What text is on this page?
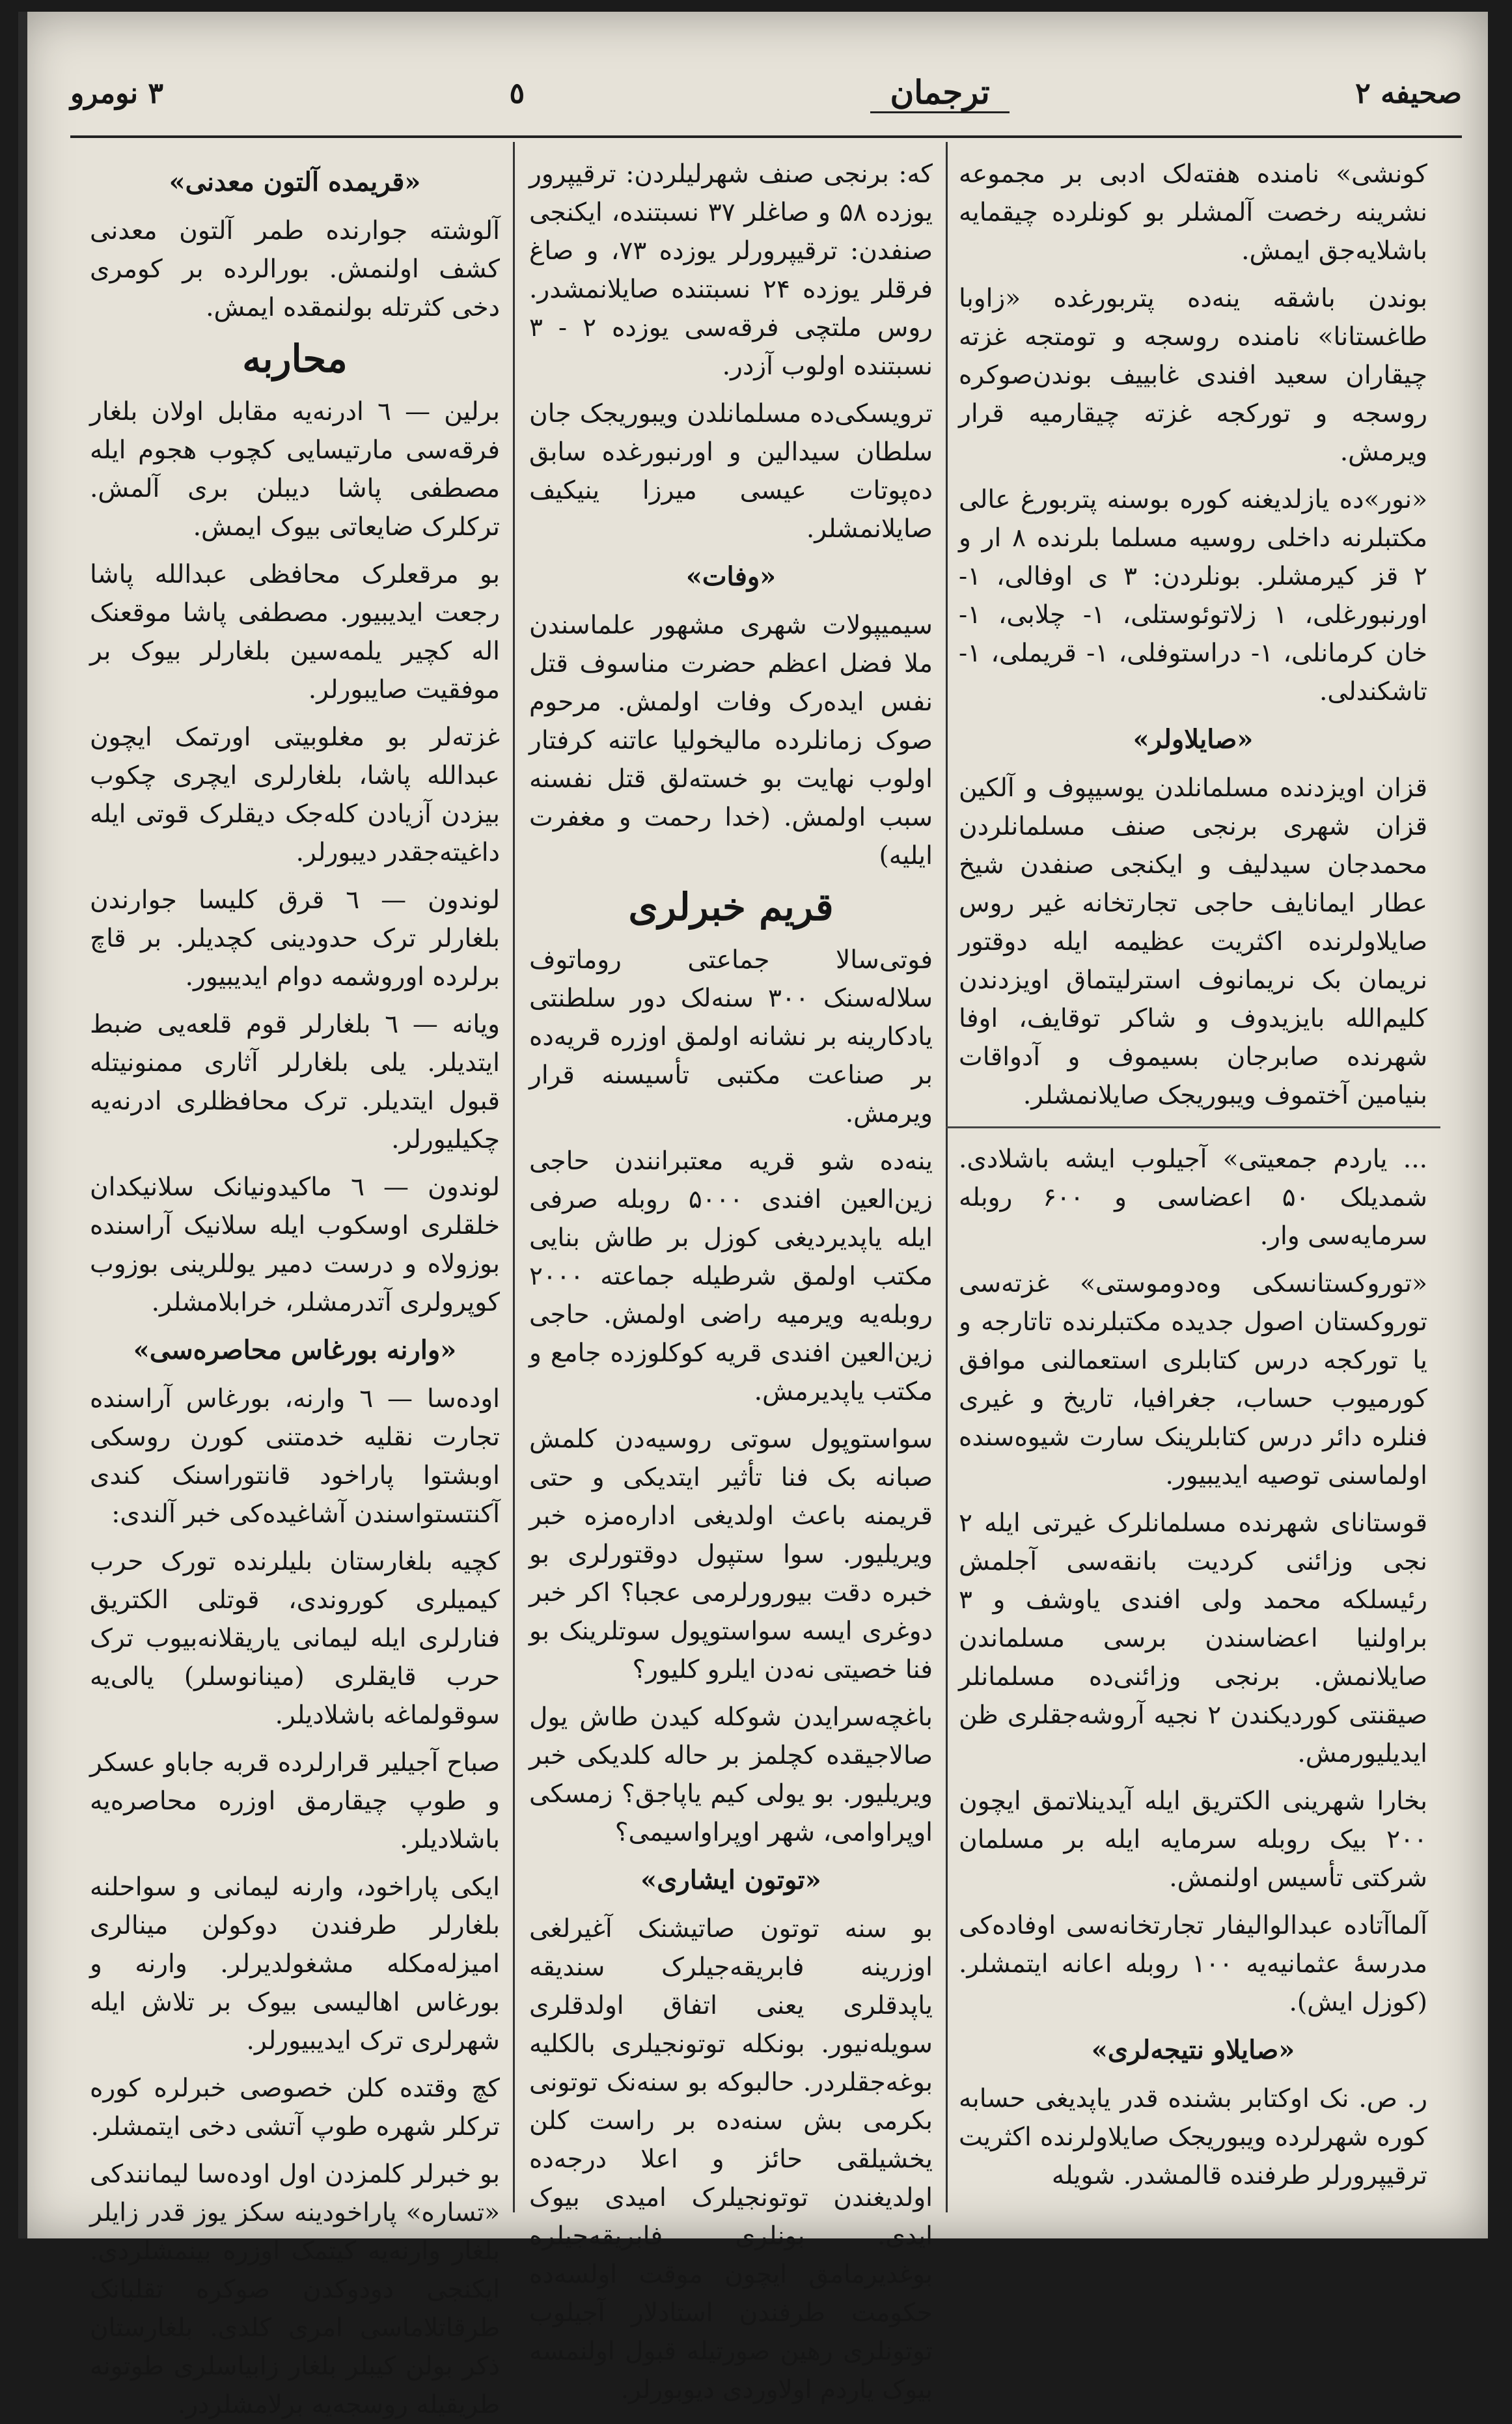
صحیفه ۲
ترجمان
٥
۳ نومرو

کونشی» نامنده هفته‌لک ادبی بر مجموعه نشرینه رخصت آلمشلر بو کونلرده چیقمایه باشلایه‌جق ایمش.

بوندن باشقه ینه‌ده پتربورغده «زاوبا طاغستانا» نامنده روسجه و تومتجه غزته چیقاران سعید افندی غابییف بوندن‌صوکره روسجه و تورکجه غزته چیقارمیه قرار ویرمش.

«نور»ده یازلدیغنه کوره بوسنه پتربورغ عالی مکتبلرنه داخلی روسیه مسلما بلرنده ۸ ار و ۲ قز کیرمشلر. بونلردن: ۳ ی اوفالی، ۱- اورنبورغلی، ۱ زلاتوئوستلی، ۱- چلابی، ۱- خان کرمانلی، ۱- دراستوفلی، ۱- قریملی، ۱- تاشکندلی.

«صایلاولر»

قزان اویزدنده مسلمانلدن یوسیپوف و آلکین قزان شهری برنجی صنف مسلمانلردن محمدجان سیدلیف و ایکنجی صنفدن شیخ عطار ایمانایف حاجی تجارتخانه غیر روس صایلاولرنده اکثریت عظیمه ایله دوقتور نریمان بک نریمانوف استرلیتماق اویزدندن کلیم‌الله بایزیدوف و شاکر توقایف، اوفا شهرنده صابرجان بسیموف و آدواقات بنیامین آختموف ویبوریجک صایلانمشلر.

... یاردم جمعیتی» آجیلوب ایشه باشلادی. شمدیلک ۵۰ اعضاسی و ۶۰۰ روبله سرمایه‌سی وار.

«توروکستانسکی وەدوموستی» غزته‌سی توروکستان اصول جدیده مکتبلرنده تاتارجه و یا تورکجه درس کتابلری استعمالنی موافق کورمیوب حساب، جغرافیا، تاریخ و غیری فنلره دائر درس کتابلرینک سارت شیوه‌سنده اولماسنی توصیه ایدیبیور.

قوستانای شهرنده مسلمانلرک غیرتی ایله ۲ نجی وزائنی کردیت بانقه‌سی آجلمش رئیسلکه محمد ولی افندی یاوشف و ۳ براولنیا اعضاسندن برسی مسلماندن صایلانمش. برنجی وزائنی‌ده مسلمانلر صیقنتی کوردیکندن ۲ نجیه آروشه‌جقلری ظن ایدیلیورمش.

بخارا شهرینی الکتریق ایله آیدینلاتمق ایچون ۲۰۰ بیک روبله سرمایه ایله بر مسلمان شرکتی تأسیس اولنمش.

آلماآتاده عبدالوالیفار تجارتخانه‌سی اوفاده‌کی مدرسهٔ عثمانیه‌یه ۱۰۰ روبله اعانه ایتمشلر. (کوزل ایش).

«صایلاو نتیجه‌لری»

ر. ص. نک اوکتابر بشنده قدر یاپدیغی حسابه کوره شهرلرده ویبوریجک صایلاولرنده اکثریت ترقیپرورلر طرفنده قالمشدر. شویله

که: برنجی صنف شهرلیلردن: ترقیپرور یوزده ۵۸ و صاغلر ۳۷ نسبتنده، ایکنجی صنفدن: ترقیپرورلر یوزده ۷۳، و صاغ فرقلر یوزده ۲۴ نسبتنده صایلانمشدر. روس ملتچی فرقه‌سی یوزده ۲ - ۳ نسبتنده اولوب آزدر.

ترویسکی‌ده مسلمانلدن ویبوریجک جان سلطان سیدالین و اورنبورغده سابق دەپوتات عیسی میرزا ینیکیف صایلانمشلر.

«وفات»

سیمیپولات شهری مشهور علماسندن ملا فضل اعظم حضرت مناسوف قتل نفس ایده‌رک وفات اولمش. مرحوم صوک زمانلرده مالیخولیا عاتنه کرفتار اولوب نهایت بو خسته‌لق قتل نفسنه سبب اولمش. (خدا رحمت و مغفرت ایلیه)

قریم خبرلری

فوتی‌سالا جماعتی روماتوف سلاله‌سنک ۳۰۰ سنه‌لک دور سلطنتی یادکارینه بر نشانه اولمق اوزره قریه‌ده بر صناعت مکتبی تأسیسنه قرار ویرمش.

ینه‌ده شو قریه معتبرانندن حاجی زین‌العین افندی ۵۰۰۰ روبله صرفی ایله یاپدیردیغی کوزل بر طاش بنایی مکتب اولمق شرطیله جماعته ۲۰۰۰ روبله‌یه ویرمیه راضی اولمش. حاجی زین‌العین افندی قریه کوکلوزده جامع و مکتب یاپدیرمش.

سواستوپول سوتی روسیه‌دن کلمش صبانه بک فنا تأثیر ایتدیکی و حتی قریمنه باعث اولدیغی ادارەمزه خبر ویریلیور. سوا ستپول دوقتورلری بو خبره دقت بیورورلرمی عجبا؟ اکر خبر دوغری ایسه سواستوپول سوتلرینک بو فنا خصیتی نه‌دن ایلرو کلیور؟

باغچه‌سرایدن شوکله کیدن طاش یول صالاجیقده کچلمز بر حاله کلدیکی خبر ویریلیور. بو یولی کیم یاپاجق؟ زمسکی اوپراوامی، شهر اوپراواسیمی؟

«توتون ایشاری»

بو سنه توتون صاتیشنک آغیرلغی اوزرینه فابریقه‌جیلرک سندیقه یاپدقلری یعنی اتفاق اولدقلری سویله‌نیور. بونکله توتونجیلری بالکلیه بوغه‌جقلردر. حالبوکه بو سنه‌نک توتونی بکرمی بش سنه‌ده بر راست کلن یخشیلقی حائز و اعلا درجه‌ده اولدیغندن توتونجیلرک امیدی بیوک ایدی. بونلری فابریقه‌جیلره بوغدیرمامق ایچون موقت اولسه‌ده حکومت طرفندن استادلار آجیلوب توتونلری رهین صورتیله قبول اولنمسه بیوک یاردم اولاوردی دیوبورلر.

«قریمده آلتون معدنی»

آلوشته جوارنده طمر آلتون معدنی کشف اولنمش. بورالرده بر کومری دخی کثرتله بولنمقده ایمش.

محاربه

برلین — ٦ ادرنه‌یه مقابل اولان بلغار فرقه‌سی مارتیسایی کچوب هجوم ایله مصطفی پاشا دیبلن بری آلمش. ترکلرک ضایعاتی بیوک ایمش.

بو مرقعلرک محافظی عبدالله پاشا رجعت ایدیبیور. مصطفی پاشا موقعنک اله کچیر یلمه‌سین بلغارلر بیوک بر موفقیت صایبورلر.

غزته‌لر بو مغلوبیتی اورتمک ایچون عبدالله پاشا، بلغارلری ایچری چکوب بیزدن آزیادن کله‌جک دیقلرک قوتی ایله داغیته‌جقدر دیبورلر.

لوندون — ٦ قرق کلیسا جوارندن بلغارلر ترک حدودینی کچدیلر. بر قاچ برلرده اوروشمه دوام ایدیبیور.

ویانه — ٦ بلغارلر قوم قلعه‌یی ضبط ایتدیلر. یلی بلغارلر آثاری ممنونیتله قبول ایتدیلر. ترک محافظلری ادرنه‌یه چکیلیورلر.

لوندون — ٦ ماکیدونیانک سلانیکدان خلقلری اوسکوب ایله سلانیک آراسنده بوزولاه و درست دمیر یوللرینی بوزوب کوپرولری آتدرمشلر، خرابلامشلر.

«وارنه بورغاس محاصره‌سی»

اوده‌سا — ٦ وارنه، بورغاس آراسنده تجارت نقلیه خدمتنی کورن روسکی اوبشتوا پاراخود قانتوراسنک کندی آکنتستواسندن آشاغیده‌کی خبر آلندی:

کچیه بلغارستان بلیلرنده تورک حرب کیمیلری کوروندی، قوتلی الکتریق فنارلری ایله لیمانی یاریقلانه‌بیوب ترک حرب قایقلری (مینانوسلر) یالی‌یه سوقولماغه باشلادیلر.

صباح آجیلیر قرارلرده قربه جاباو عسکر و طوپ چیقارمق اوزره محاصره‌یه باشلادیلر.

ایکی پاراخود، وارنه لیمانی و سواحلنه بلغارلر طرفندن دوکولن مینالری امیزله‌مکله مشغولدیرلر. وارنه و بورغاس اهالیسی بیوک بر تلاش ایله شهرلری ترک ایدیبیورلر.

کچ وقتده کلن خصوصی خبرلره کوره ترکلر شهره طوپ آتشی دخی ایتمشلر.

بو خبرلر کلمزدن اول اوده‌سا لیمانندکی «تساره» پاراخودینه سکز یوز قدر زایلر بلغار وارنه‌یه کیتمک اوزره بینمشلردی. ایکنجی دودوکدن صوکره تقلبانک طرقاتلاماسی امری کلدی. بلغارستان ذکر بولن کیبلر بلغار زابیاسلری طوتونه طریقیله روسجه‌یه برلامشلردر.
